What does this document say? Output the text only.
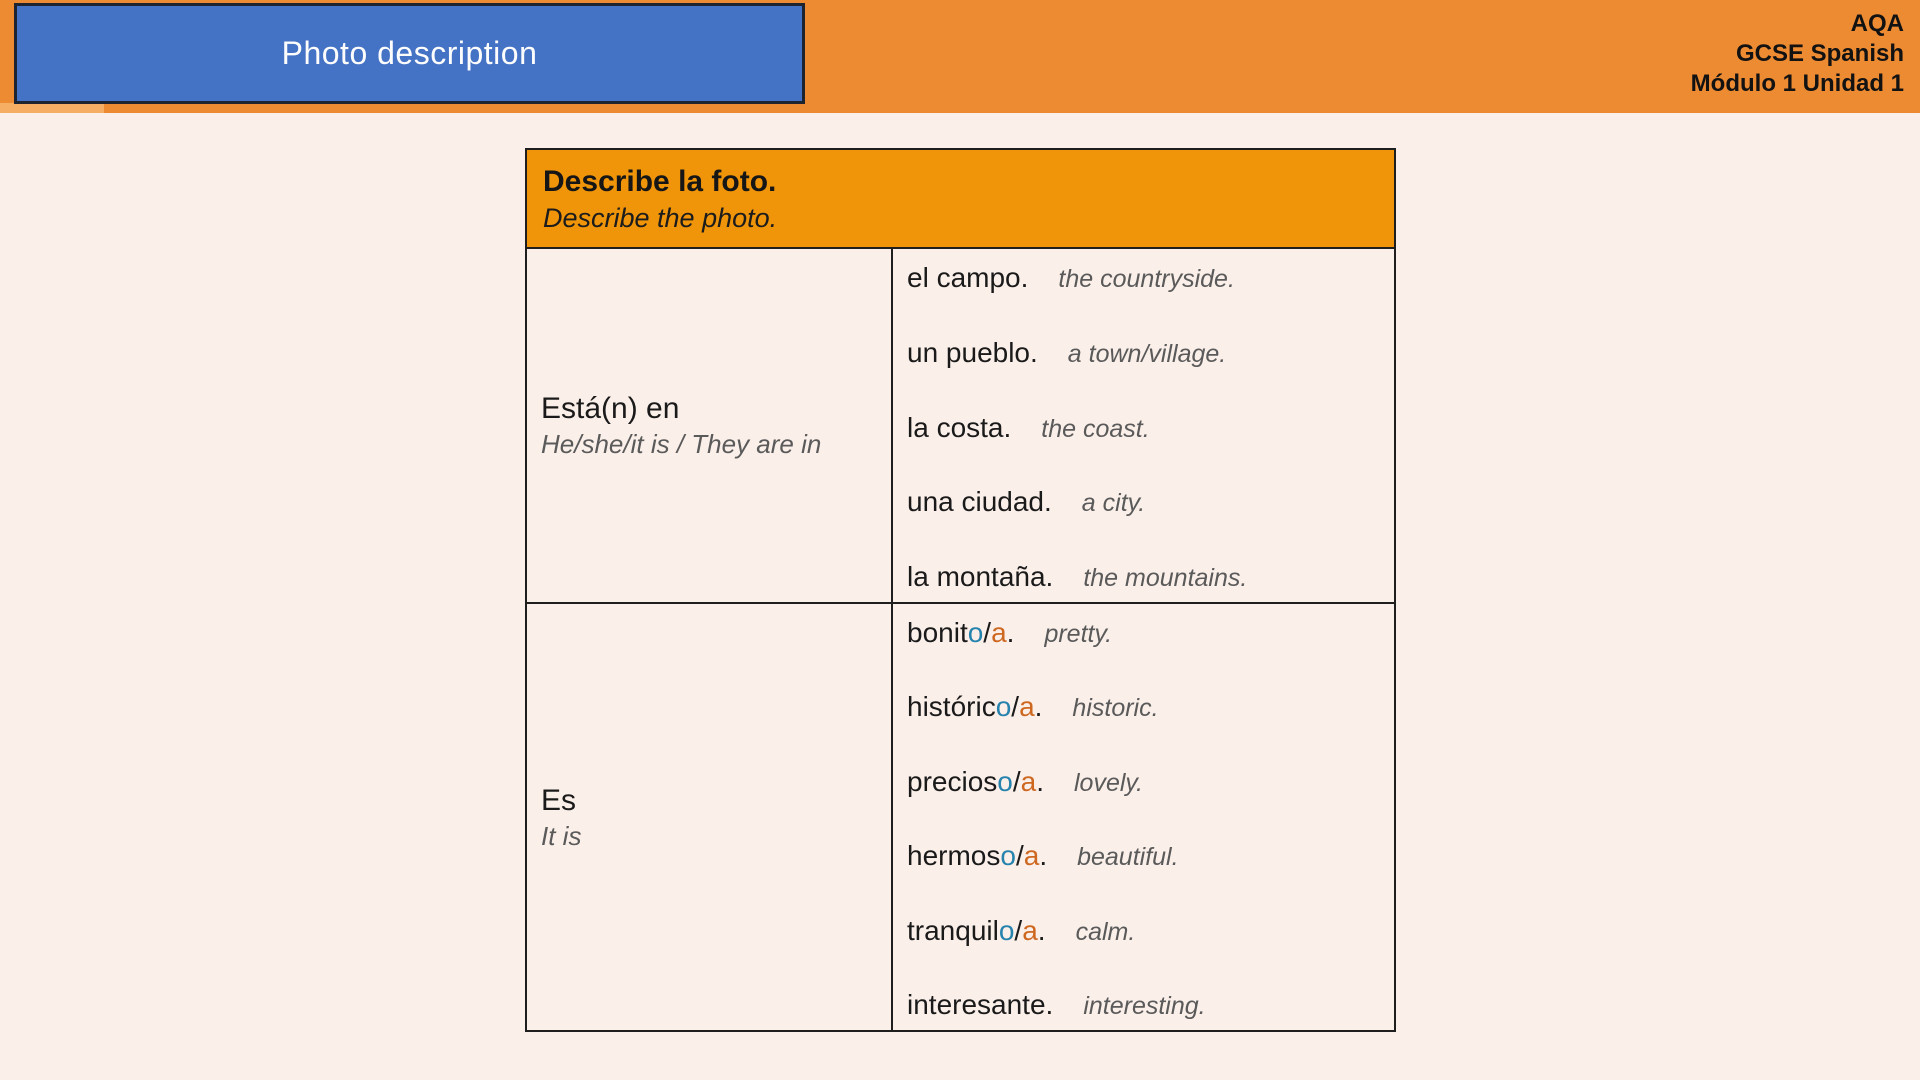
Photo description
AQA
GCSE Spanish
Módulo 1 Unidad 1
Describe la foto.
Describe the photo.
Está(n) en
He/she/it is / They are in
el campo. the countryside.
un pueblo. a town/village.
la costa. the coast.
una ciudad. a city.
la montaña. the mountains.
Es
It is
bonito/a. pretty.
histórico/a. historic.
precioso/a. lovely.
hermoso/a. beautiful.
tranquilo/a. calm.
interesante. interesting.
